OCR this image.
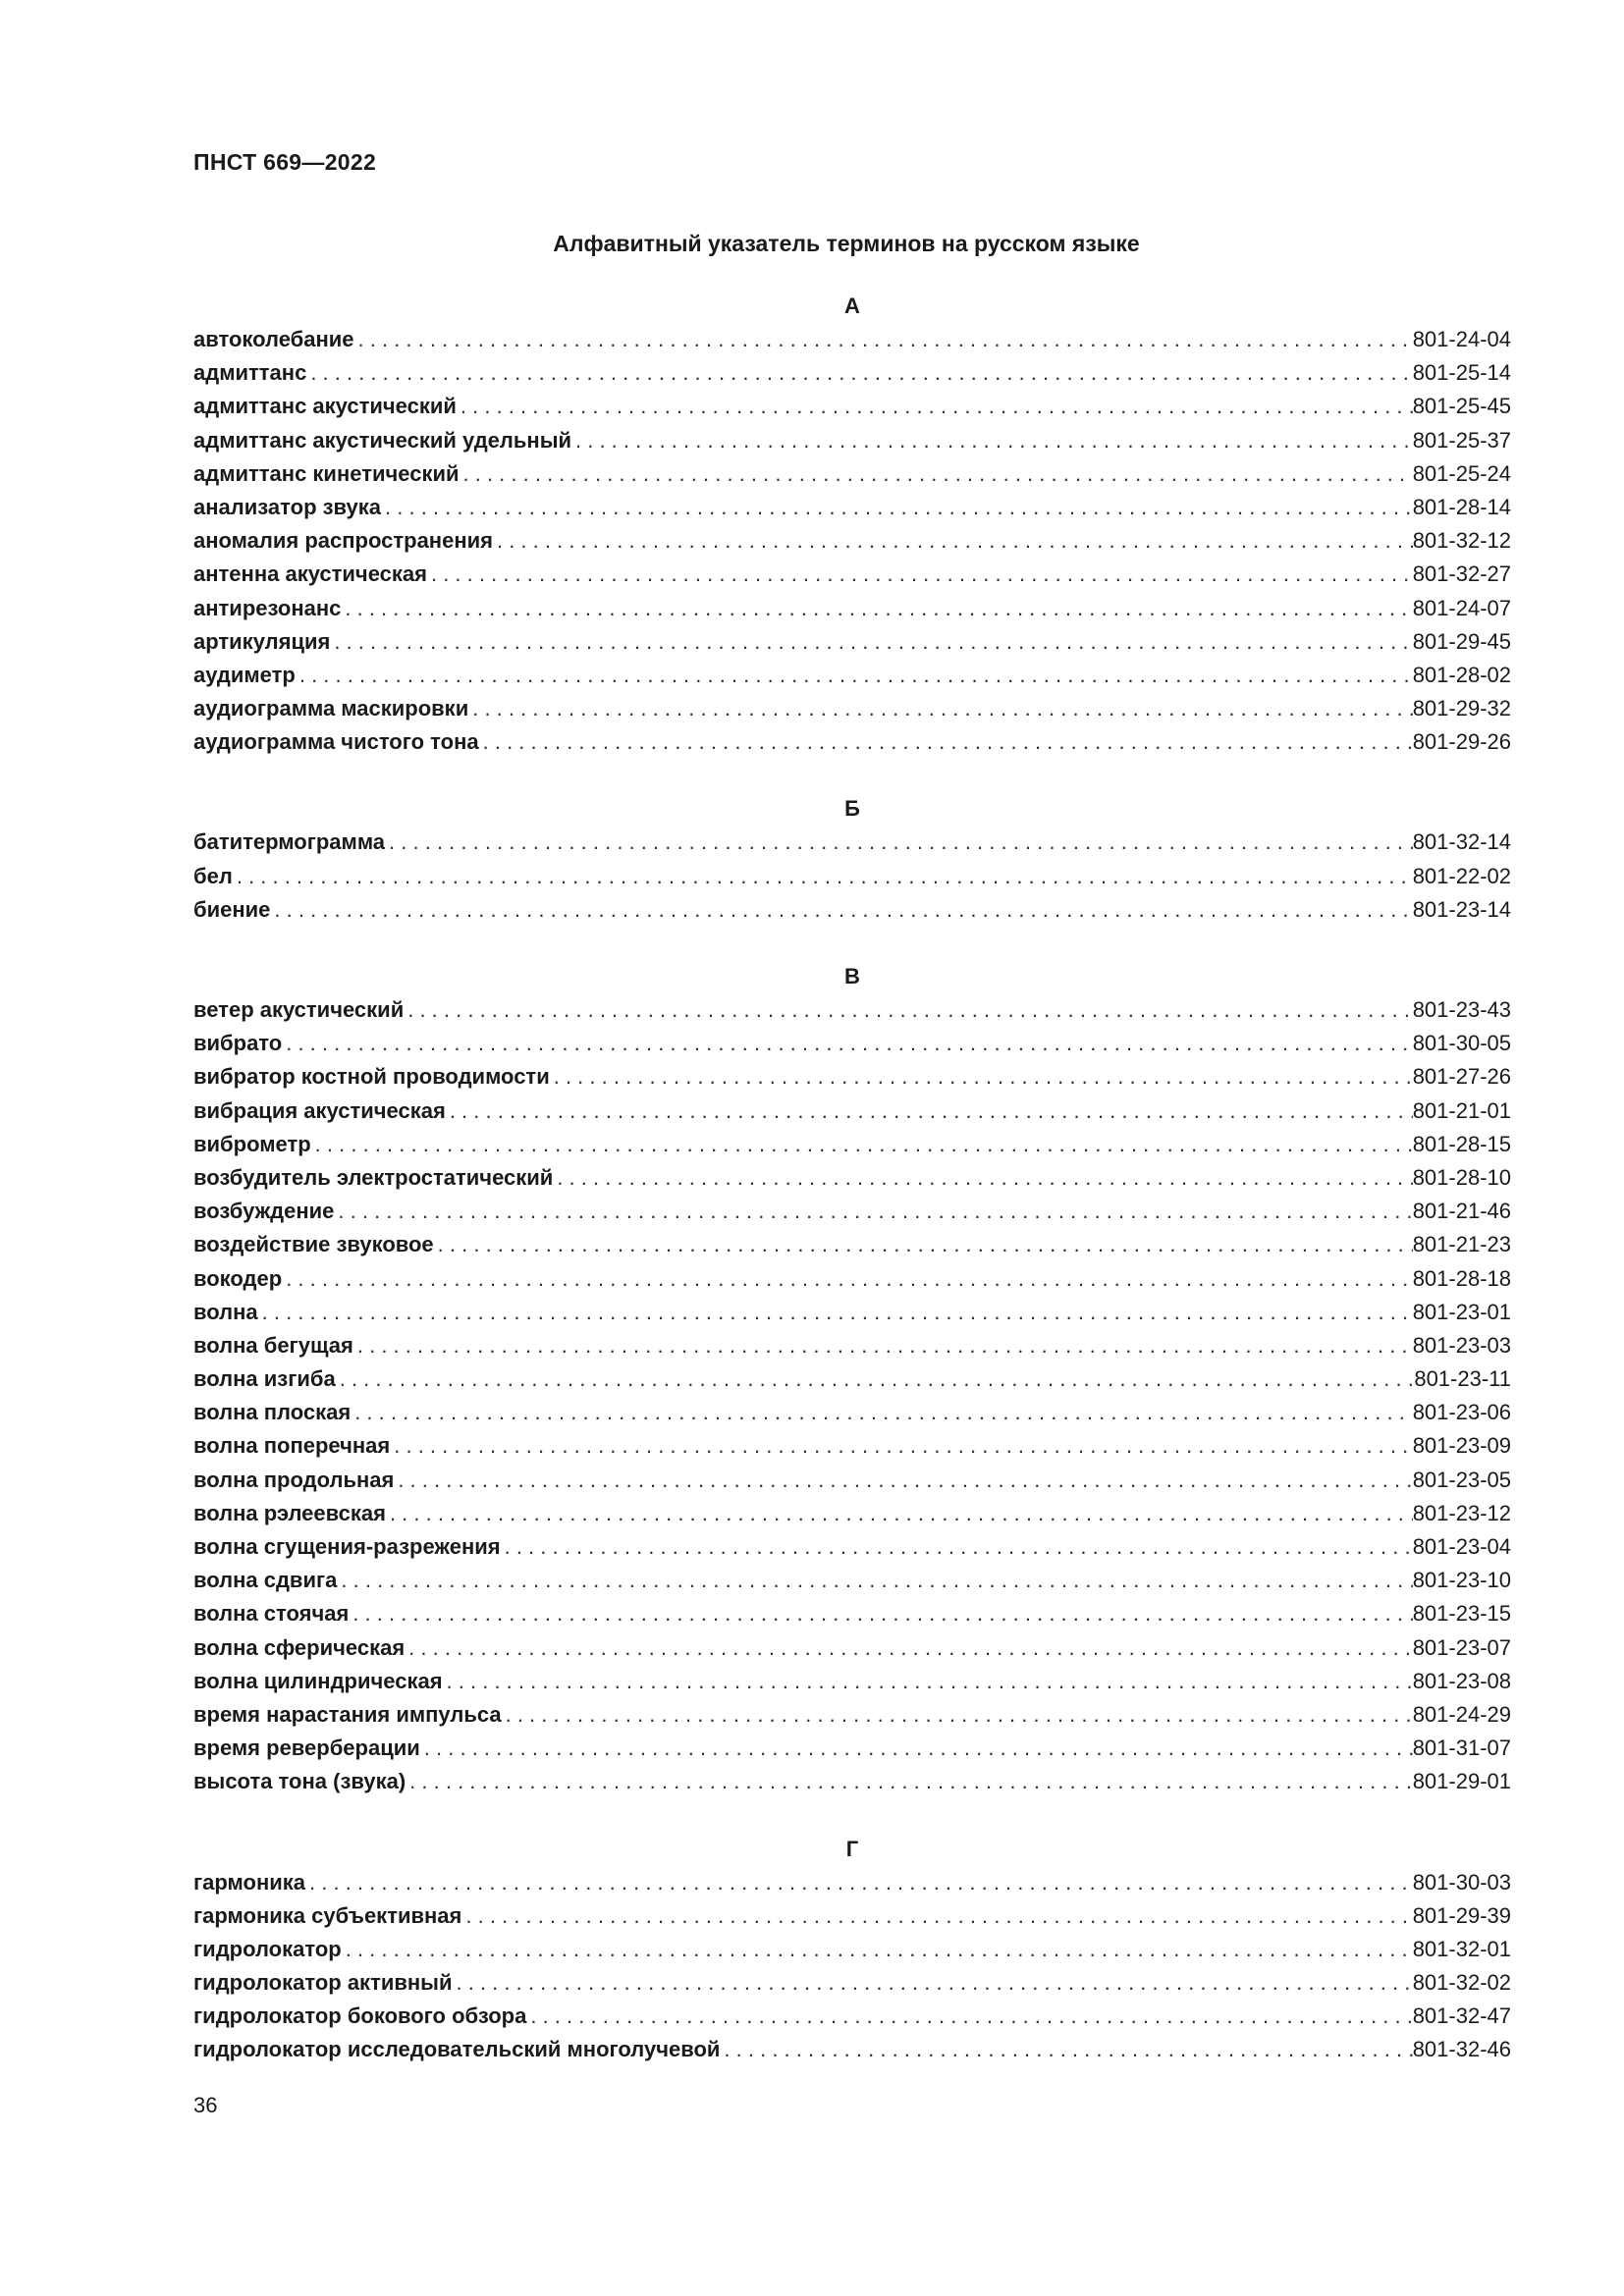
ПНСТ 669—2022
Алфавитный указатель терминов на русском языке
А
автоколебание . . .	801-24-04
адмиттанс . . .	801-25-14
адмиттанс акустический . . .	801-25-45
адмиттанс акустический удельный . . .	801-25-37
адмиттанс кинетический . . .	801-25-24
анализатор звука . . .	801-28-14
аномалия распространения . . .	801-32-12
антенна акустическая . . .	801-32-27
антирезонанс . . .	801-24-07
артикуляция . . .	801-29-45
аудиметр . . .	801-28-02
аудиограмма маскировки . . .	801-29-32
аудиограмма чистого тона . . .	801-29-26
Б
батитермограмма . . .	801-32-14
бел . . .	801-22-02
биение . . .	801-23-14
В
ветер акустический . . .	801-23-43
вибрато . . .	801-30-05
вибратор костной проводимости . . .	801-27-26
вибрация акустическая . . .	801-21-01
виброметр . . .	801-28-15
возбудитель электростатический . . .	801-28-10
возбуждение . . .	801-21-46
воздействие звуковое . . .	801-21-23
вокодер . . .	801-28-18
волна . . .	801-23-01
волна бегущая . . .	801-23-03
волна изгиба . . .	801-23-11
волна плоская . . .	801-23-06
волна поперечная . . .	801-23-09
волна продольная . . .	801-23-05
волна рэлеевская . . .	801-23-12
волна сгущения-разрежения . . .	801-23-04
волна сдвига . . .	801-23-10
волна стоячая . . .	801-23-15
волна сферическая . . .	801-23-07
волна цилиндрическая . . .	801-23-08
время нарастания импульса . . .	801-24-29
время реверберации . . .	801-31-07
высота тона (звука) . . .	801-29-01
Г
гармоника . . .	801-30-03
гармоника субъективная . . .	801-29-39
гидролокатор . . .	801-32-01
гидролокатор активный . . .	801-32-02
гидролокатор бокового обзора . . .	801-32-47
гидролокатор исследовательский многолучевой . . .	801-32-46
36
